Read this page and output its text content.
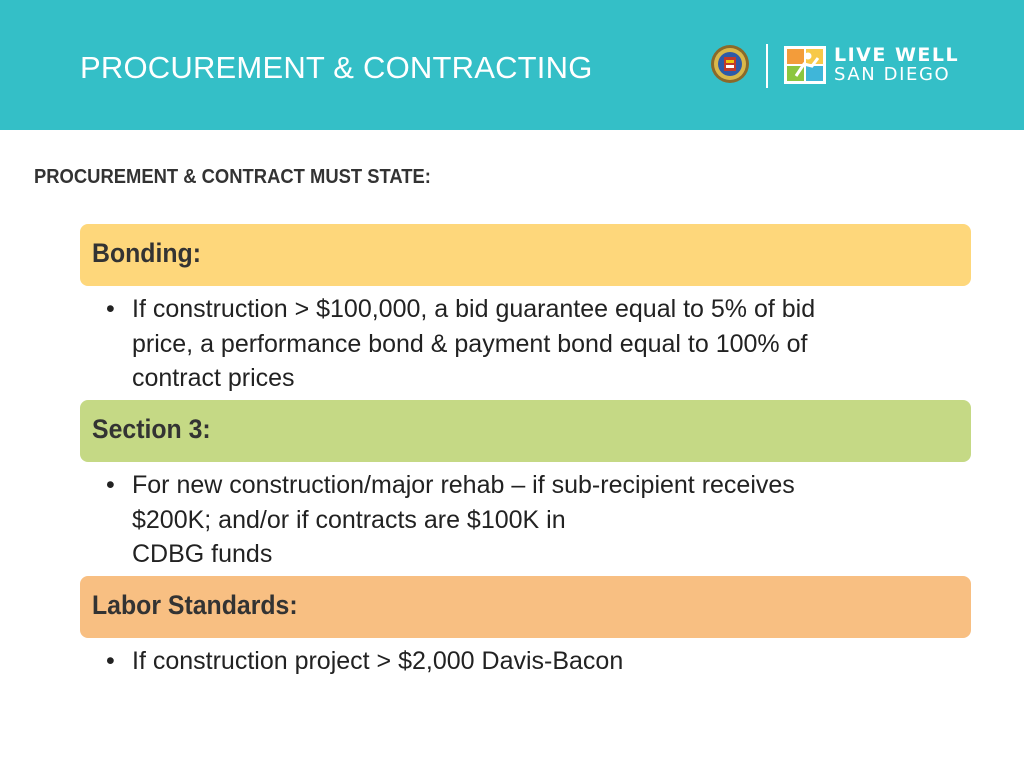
PROCUREMENT & CONTRACTING	LIVE WELL
SAN DIEGO
PROCUREMENT & CONTRACT MUST STATE:
Bonding:
• If construction > $100,000, a bid guarantee equal to 5% of bid
price, a performance bond & payment bond equal to 100% of
contract prices
Section 3:
• For new construction/major rehab – if sub-recipient receives
$200K; and/or if contracts are $100K in
CDBG funds
Labor Standards:
• If construction project > $2,000 Davis-Bacon
